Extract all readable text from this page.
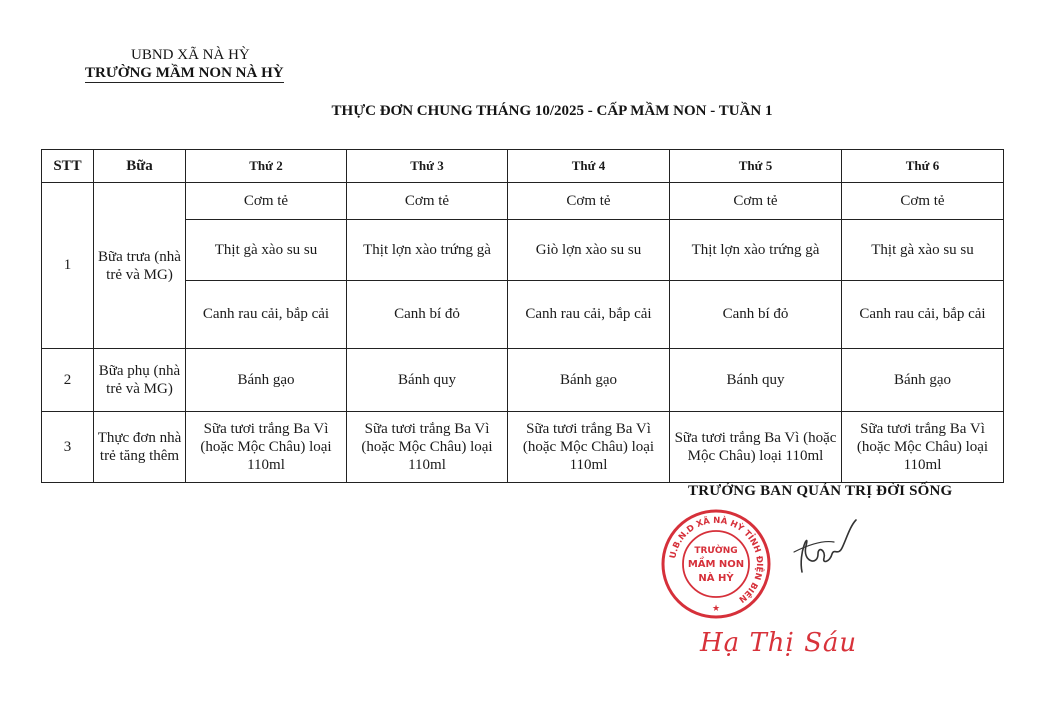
UBND XÃ NÀ HỲ
TRƯỜNG MẦM NON NÀ HỲ
THỰC ĐƠN CHUNG THÁNG 10/2025 - CẤP MẦM NON - TUẦN 1
STT	Bữa	Thứ 2	Thứ 3	Thứ 4	Thứ 5	Thứ 6
1	Bữa trưa (nhà trẻ và MG)	Cơm tẻ	Cơm tẻ	Cơm tẻ	Cơm tẻ	Cơm tẻ
		Thịt gà xào su su	Thịt lợn xào trứng gà	Giò lợn xào su su	Thịt lợn xào trứng gà	Thịt gà xào su su
		Canh rau cải, bắp cải	Canh bí đỏ	Canh rau cải, bắp cải	Canh bí đỏ	Canh rau cải, bắp cải
2	Bữa phụ (nhà trẻ và MG)	Bánh gạo	Bánh quy	Bánh gạo	Bánh quy	Bánh gạo
3	Thực đơn nhà trẻ tăng thêm	Sữa tươi trắng Ba Vì (hoặc Mộc Châu) loại 110ml	Sữa tươi trắng Ba Vì (hoặc Mộc Châu) loại 110ml	Sữa tươi trắng Ba Vì (hoặc Mộc Châu) loại 110ml	Sữa tươi trắng Ba Vì (hoặc Mộc Châu) loại 110ml	Sữa tươi trắng Ba Vì (hoặc Mộc Châu) loại 110ml
TRƯỞNG BAN QUẢN TRỊ ĐỜI SỐNG
U.B.N.D XÃ NÀ HỲ TỈNH ĐIỆN BIÊN
TRƯỜNG
MẦM NON
NÀ HỲ
★
Hạ Thị Sáu
